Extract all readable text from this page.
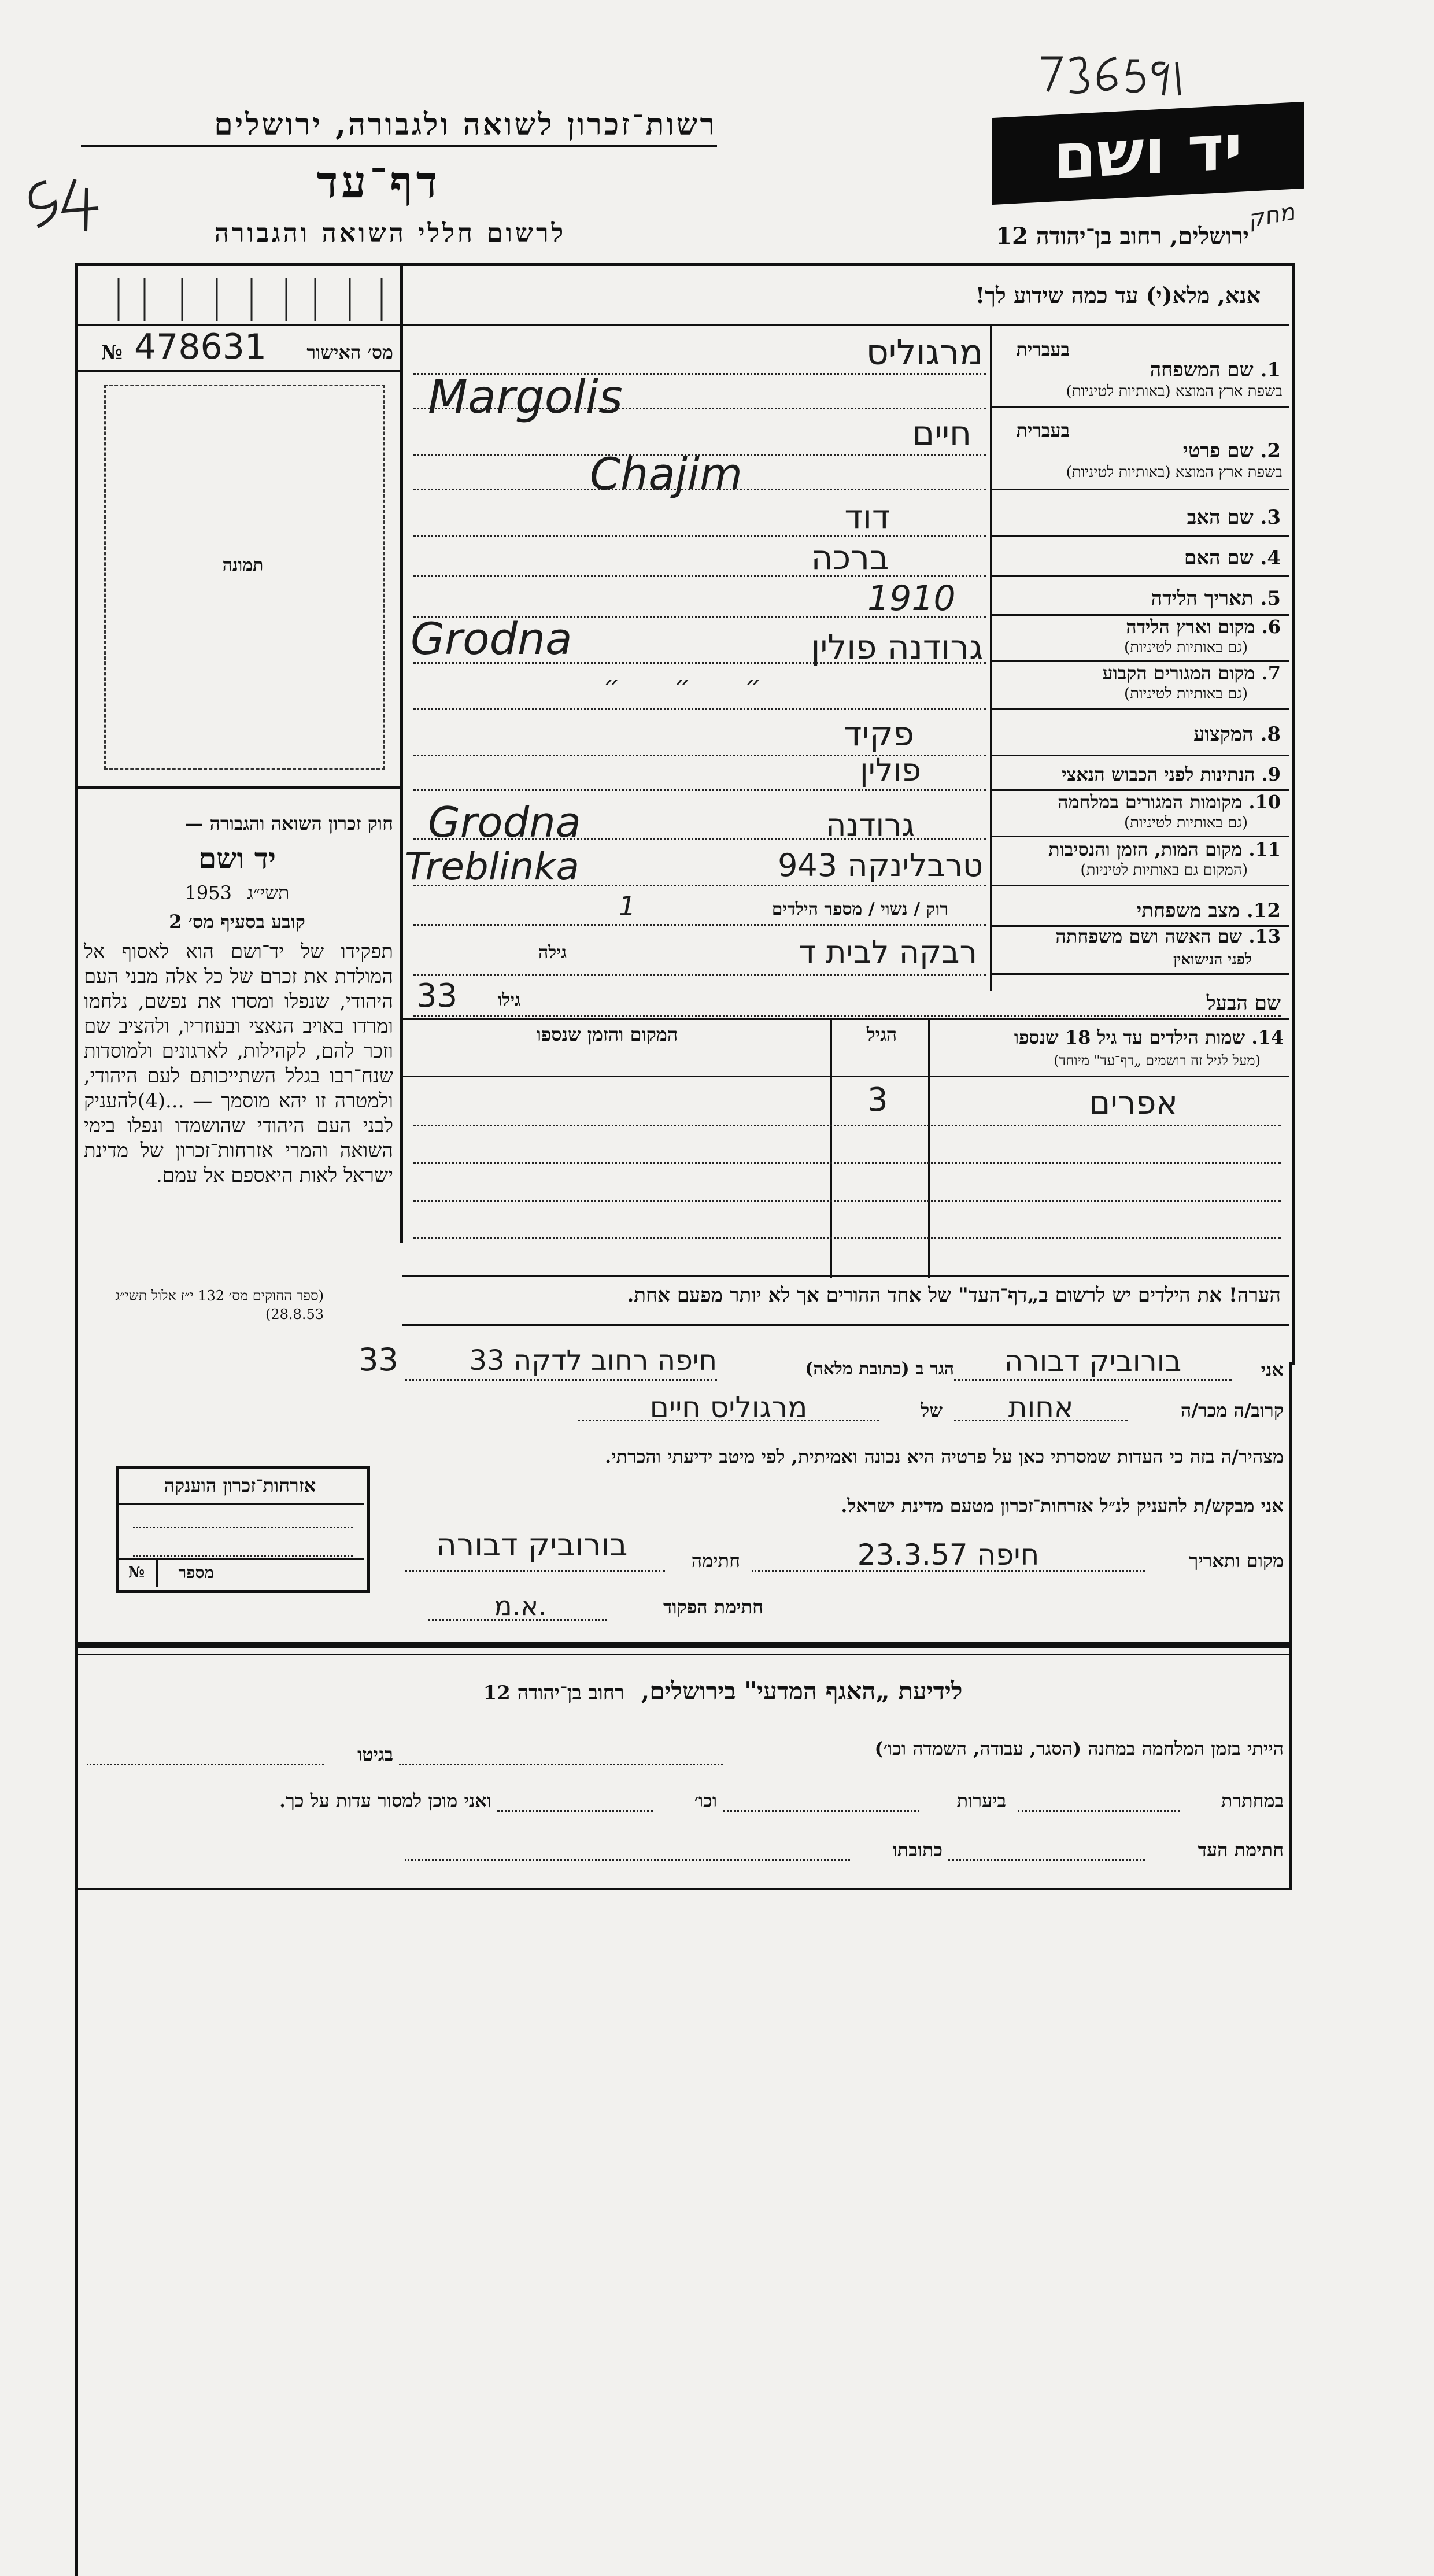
יד ושם
רשות־זכרון לשואה ולגבורה, ירושלים
דף־עד
לרשום חללי השואה והגבורה
מחק
ירושלים, רחוב בן־יהודה 12
אנא, מלא(י) עד כמה שידוע לך!
№ 478631	מס׳ האישור
תמונה
בעברית
1. שם המשפחה
בשפת ארץ המוצא (באותיות לטיניות)
מרגוליס
Margolis
בעברית
2. שם פרטי
בשפת ארץ המוצא (באותיות לטיניות)
חיים
Chajim
3. שם האב
דוד
4. שם האם
ברכה
5. תאריך הלידה
1910
6. מקום וארץ הלידה
(גם באותיות לטיניות)
Grodna	גרודנה פולין
7. מקום המגורים הקבוע
(גם באותיות לטיניות)
״ ״ ״
8. המקצוע
פקיד
9. הנתינות לפני הכבוש הנאצי
פולין
10. מקומות המגורים במלחמה
(גם באותיות לטיניות)
Grodna	גרודנה
11. מקום המות, הזמן והנסיבות
(המקום גם באותיות לטיניות)
Treblinka	טרבלינקה 943
12. מצב משפחתי
רוק / נשוי / מספר הילדים
1
13. שם האשה ושם משפחתה
לפני הנישואין
גילה	רבקה לבית ד
שם הבעל
33	גילו
14. שמות הילדים עד גיל 18 שנספו
(מעל לגיל זה רושמים „דף־עד" מיוחד)
הגיל
המקום והזמן שנספו
אפרים
3
חוק זכרון השואה והגבורה —
יד ושם
1953 תשי״ג
קובע בסעיף מס׳ 2
תפקידו של יד־ושם הוא לאסוף אל המולדת את זכרם של כל אלה מבני העם היהודי, שנפלו ומסרו את נפשם, נלחמו ומרדו באויב הנאצי ובעוזריו, ולהציב שם וזכר להם, לקהילות, לארגונים ולמוסדות שנח־רבו בגלל השתייכותם לעם היהודי, ולמטרה זו יהא מוסמך — ...(4)להעניק לבני העם היהודי שהושמדו ונפלו בימי השואה והמרי אזרחות־זכרון של מדינת ישראל לאות היאספם אל עמם.
(ספר החוקים מס׳ 132 י״ז אלול תשי״ג 28.8.53)
הערה! את הילדים יש לרשום ב„דף־העד" של אחד ההורים אך לא יותר מפעם אחת.
אני
בורוביק דבורה
הגר ב (כתובת מלאה)
חיפה רחוב לדקה 33
33
קרוב/ה מכר/ה
אחות
של
מרגוליס חיים
מצהיר/ה בזה כי העדות שמסרתי כאן על פרטיה היא נכונה ואמיתית, לפי מיטב ידיעתי והכרתי.
אני מבקש/ת להעניק לנ״ל אזרחות־זכרון מטעם מדינת ישראל.
מקום ותאריך
חיפה 23.3.57
חתימה
בורוביק דבורה
חתימת הפקוד
א.מ.
אזרחות־זכרון הוענקה
№	מספר
לידיעת „האגף המדעי" בירושלים, רחוב בן־יהודה 12
הייתי בזמן המלחמה במחנה (הסגר, עבודה, השמדה וכו׳)
בגיטו
במחתרת
ביערות
וכו׳
ואני מוכן למסור עדות על כך.
חתימת העד
כתובתו
